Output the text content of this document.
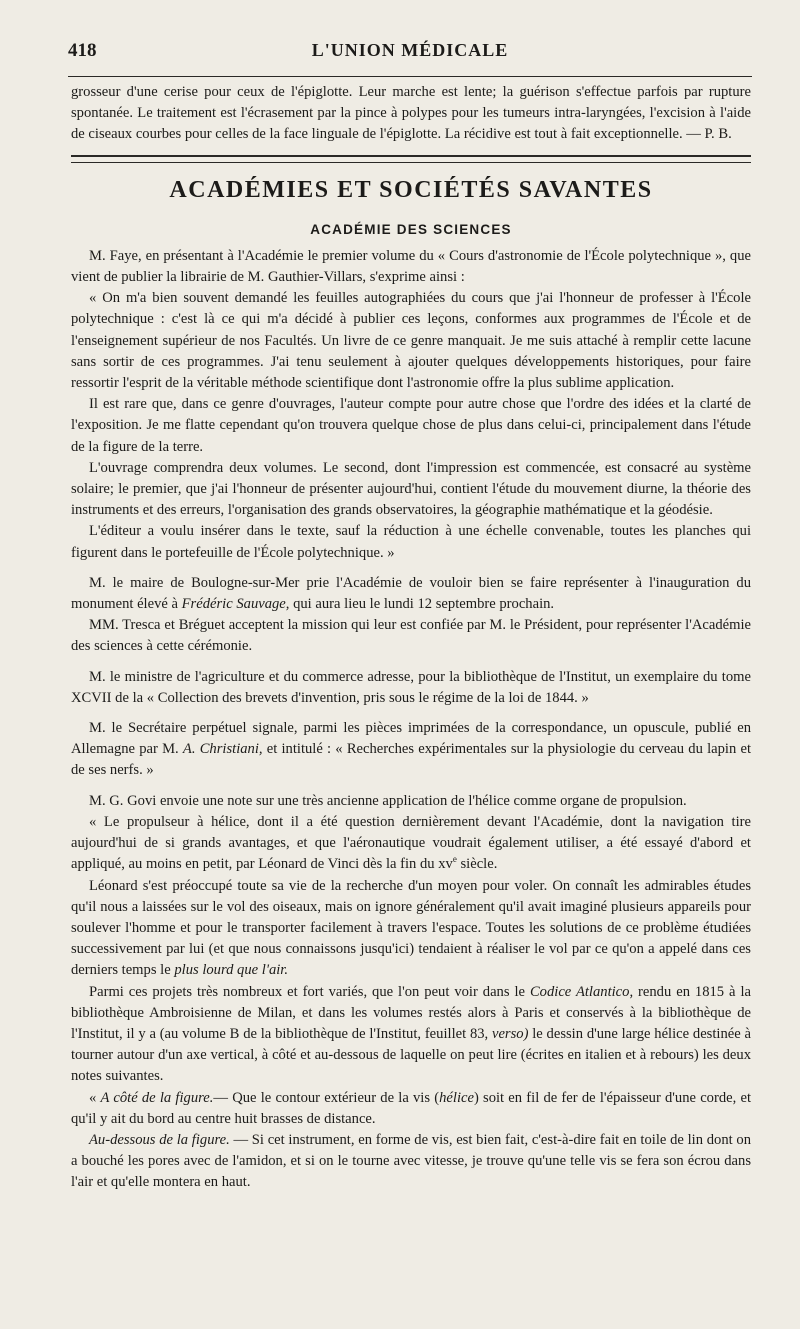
418	L'UNION MÉDICALE

grosseur d'une cerise pour ceux de l'épiglotte. Leur marche est lente; la guérison s'effectue parfois par rupture spontanée. Le traitement est l'écrasement par la pince à polypes pour les tumeurs intra-laryngées, l'excision à l'aide de ciseaux courbes pour celles de la face linguale de l'épiglotte. La récidive est tout à fait exceptionnelle. — P. B.

ACADÉMIES ET SOCIÉTÉS SAVANTES
ACADÉMIE DES SCIENCES

M. Faye, en présentant à l'Académie le premier volume du « Cours d'astronomie de l'École polytechnique », que vient de publier la librairie de M. Gauthier-Villars, s'exprime ainsi :

« On m'a bien souvent demandé les feuilles autographiées du cours que j'ai l'honneur de professer à l'École polytechnique : c'est là ce qui m'a décidé à publier ces leçons, conformes aux programmes de l'École et de l'enseignement supérieur de nos Facultés. Un livre de ce genre manquait. Je me suis attaché à remplir cette lacune sans sortir de ces programmes. J'ai tenu seulement à ajouter quelques développements historiques, pour faire ressortir l'esprit de la véritable méthode scientifique dont l'astronomie offre la plus sublime application.

Il est rare que, dans ce genre d'ouvrages, l'auteur compte pour autre chose que l'ordre des idées et la clarté de l'exposition. Je me flatte cependant qu'on trouvera quelque chose de plus dans celui-ci, principalement dans l'étude de la figure de la terre.

L'ouvrage comprendra deux volumes. Le second, dont l'impression est commencée, est consacré au système solaire; le premier, que j'ai l'honneur de présenter aujourd'hui, contient l'étude du mouvement diurne, la théorie des instruments et des erreurs, l'organisation des grands observatoires, la géographie mathématique et la géodésie.

L'éditeur a voulu insérer dans le texte, sauf la réduction à une échelle convenable, toutes les planches qui figurent dans le portefeuille de l'École polytechnique. »

M. le maire de Boulogne-sur-Mer prie l'Académie de vouloir bien se faire représenter à l'inauguration du monument élevé à Frédéric Sauvage, qui aura lieu le lundi 12 septembre prochain.

MM. Tresca et Bréguet acceptent la mission qui leur est confiée par M. le Président, pour représenter l'Académie des sciences à cette cérémonie.

M. le ministre de l'agriculture et du commerce adresse, pour la bibliothèque de l'Institut, un exemplaire du tome XCVII de la « Collection des brevets d'invention, pris sous le régime de la loi de 1844. »

M. le Secrétaire perpétuel signale, parmi les pièces imprimées de la correspondance, un opuscule, publié en Allemagne par M. A. Christiani, et intitulé : « Recherches expérimentales sur la physiologie du cerveau du lapin et de ses nerfs. »

M. G. Govi envoie une note sur une très ancienne application de l'hélice comme organe de propulsion.

« Le propulseur à hélice, dont il a été question dernièrement devant l'Académie, dont la navigation tire aujourd'hui de si grands avantages, et que l'aéronautique voudrait également utiliser, a été essayé d'abord et appliqué, au moins en petit, par Léonard de Vinci dès la fin du $xv^e$ siècle.

Léonard s'est préoccupé toute sa vie de la recherche d'un moyen pour voler. On connaît les admirables études qu'il nous a laissées sur le vol des oiseaux, mais on ignore généralement qu'il avait imaginé plusieurs appareils pour soulever l'homme et pour le transporter facilement à travers l'espace. Toutes les solutions de ce problème étudiées successivement par lui (et que nous connaissons jusqu'ici) tendaient à réaliser le vol par ce qu'on a appelé dans ces derniers temps le plus lourd que l'air.

Parmi ces projets très nombreux et fort variés, que l'on peut voir dans le Codice Atlantico, rendu en 1815 à la bibliothèque Ambroisienne de Milan, et dans les volumes restés alors à Paris et conservés à la bibliothèque de l'Institut, il y a (au volume B de la bibliothèque de l'Institut, feuillet 83, verso) le dessin d'une large hélice destinée à tourner autour d'un axe vertical, à côté et au-dessous de laquelle on peut lire (écrites en italien et à rebours) les deux notes suivantes.

« A côté de la figure.— Que le contour extérieur de la vis (hélice) soit en fil de fer de l'épaisseur d'une corde, et qu'il y ait du bord au centre huit brasses de distance.

Au-dessous de la figure. — Si cet instrument, en forme de vis, est bien fait, c'est-à-dire fait en toile de lin dont on a bouché les pores avec de l'amidon, et si on le tourne avec vitesse, je trouve qu'une telle vis se fera son écrou dans l'air et qu'elle montera en haut.
